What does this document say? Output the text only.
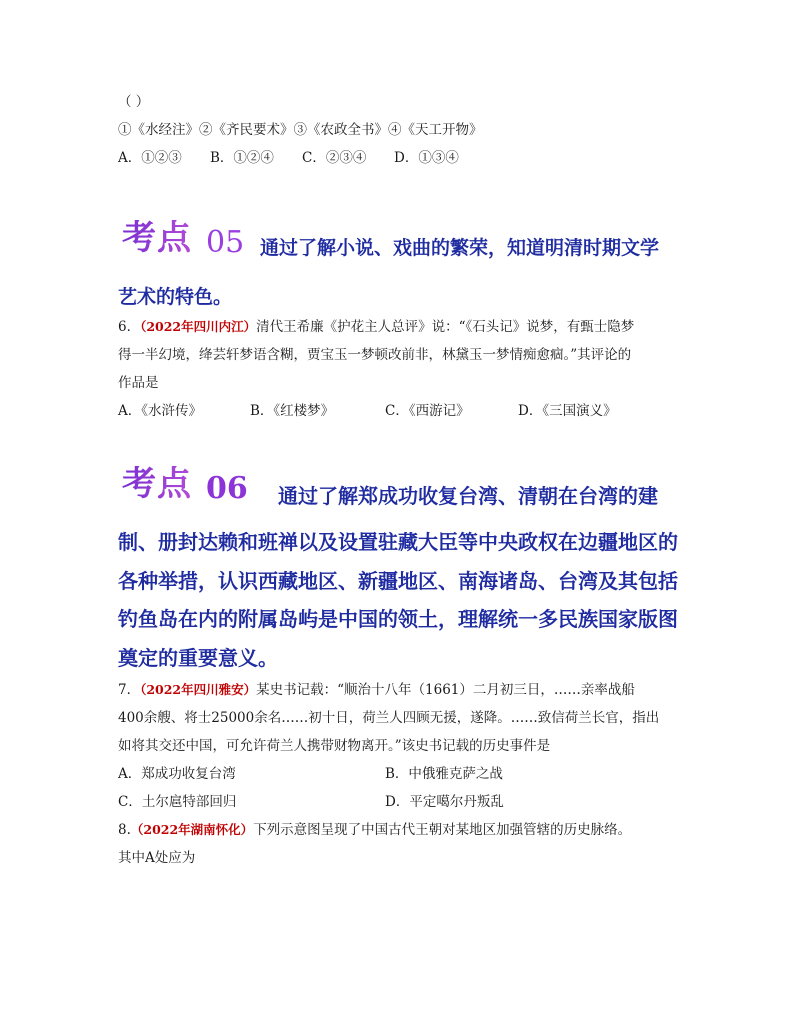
（ ）
①《水经注》②《齐民要术》③《农政全书》④《天工开物》
A．①②③ B．①②④ C．②③④ D．①③④
考点 05 通过了解小说、戏曲的繁荣，知道明清时期文学
艺术的特色。
6．（2022年四川内江）清代王希廉《护花主人总评》说：“《石头记》说梦，有甄士隐梦
得一半幻境，绛芸轩梦语含糊，贾宝玉一梦顿改前非，林黛玉一梦情痴愈痼。”其评论的
作品是
A．《水浒传》	B．《红楼梦》	C．《西游记》	D．《三国演义》
考点 06 通过了解郑成功收复台湾、清朝在台湾的建
制、册封达赖和班禅以及设置驻藏大臣等中央政权在边疆地区的
各种举措，认识西藏地区、新疆地区、南海诸岛、台湾及其包括
钓鱼岛在内的附属岛屿是中国的领土，理解统一多民族国家版图
奠定的重要意义。
7．（2022年四川雅安）某史书记载：“顺治十八年（1661）二月初三日，……亲率战船
400余艘、将士25000余名……初十日，荷兰人四顾无援，遂降。……致信荷兰长官，指出
如将其交还中国，可允许荷兰人携带财物离开。”该史书记载的历史事件是
A．郑成功收复台湾	B．中俄雅克萨之战
C．土尔扈特部回归	D．平定噶尔丹叛乱
8.（2022年湖南怀化）下列示意图呈现了中国古代王朝对某地区加强管辖的历史脉络。
其中A处应为
